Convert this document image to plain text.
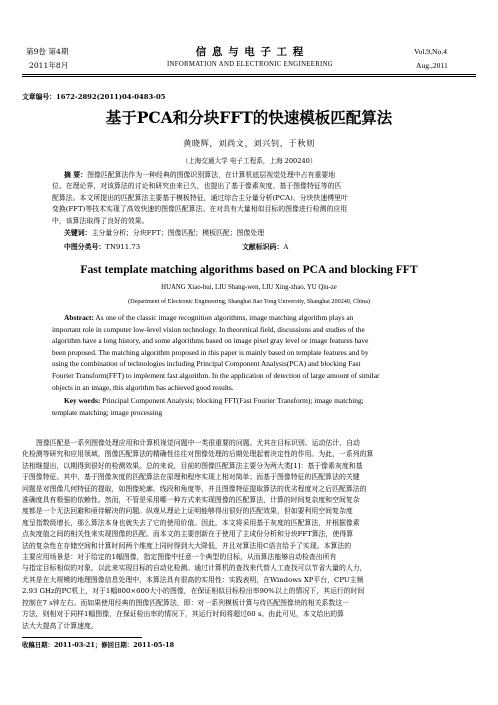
第9卷 第4期
2011年8月
信 息 与 电 子 工 程
INFORMATION AND ELECTRONIC ENGINEERING
Vol.9,No.4
Aug.,2011
文章编号：1672-2892(2011)04-0483-05
基于PCA和分块FFT的快速模板匹配算法
黄晓辉，刘尚文，刘兴钊，于秋则
（上海交通大学 电子工程系，上海 200240）
摘 要：图像匹配算法作为一种经典的图像识别算法，在计算机底层视觉处理中占有重要地
位。在理论界，对该算法的讨论和研究由来已久，也提出了基于像素灰度、基于图像特征等的匹
配算法。本文所提出的匹配算法主要基于模板特征，通过综合主分量分析(PCA)、分块快速傅里叶
变换(FFT)等技术实现了高效快速的图像匹配算法。在对具有大量相似目标的图像进行检测的应用
中，该算法取得了良好的效果。
关键词：主分量分析；分块FFT；图像匹配；模板匹配；图像处理
中图分类号：TN911.73	文献标识码：A
Fast template matching algorithms based on PCA and blocking FFT
HUANG Xiao-hui, LIU Shang-wen, LIU Xing-zhao, YU Qiu-ze
(Department of Electronic Engineering, Shanghai Jiao Tong University, Shanghai 200240, China)
Abstract: As one of the classic image recognition algorithms, image matching algorithm plays an
important role in computer low-level vision technology. In theoretical field, discussions and studies of the
algorithm have a long history, and some algorithms based on image pixel gray level or image features have
been proposed. The matching algorithm proposed in this paper is mainly based on template features and by
using the combination of technologies including Principal Component Analysis(PCA) and blocking Fast
Fourier Transform(FFT) to implement fast algorithm. In the application of detection of large amount of similar
objects in an image, this algorithm has achieved good results.
Key words: Principal Component Analysis; blocking FFT(Fast Fourier Transform); image matching;
template matching; image processing
图像匹配是一系列图像处理应用和计算机视觉问题中一类很重要的问题。尤其在目标识别、运动估计、自动
化检测等研究和应用领域，图像匹配算法的精确性往往对图像处理的后期处理起着决定性的作用。为此，一系列的算
法相继提出，以期得到很好的检测效果。总的来说，目前的图像匹配算法主要分为两大类[1]：基于像素灰度和基
于图像特征。其中，基于图像灰度的匹配算法在原理和程序实现上相对简单；而基于图像特征的匹配算法的关键
问题是对图像几何特征的提取，如图像轮廓、线段和角度等，并且图像特征提取算法的优劣程度对之后匹配算法的
准确度具有极强的依赖性。然而，不管是采用哪一种方式来实现图像的匹配算法，计算的时间复杂度和空间复杂
度都是一个无法回避和亟待解决的问题。纵观从理论上证明能够得出很好的匹配效果，但如要利用空间复杂度
度呈指数级增长，那么算法本身也就失去了它的使用价值。因此，本文将采用基于灰度的匹配算法，并根据像素
点灰度值之间的相关性来实现图像的匹配。而本文的主要创新在于使用了主成份分析和分块FFT算法，使得算
法的复杂性在存储空间和计算时间两个维度上同时得到大大降低，并且对算法用C语言给予了实现。本算法的
主要应用场景是：对于给定的1幅图像，指定图像中任意一个典型的目标，从而算法能够自动检查出所有
与指定目标相似的对象，以此来实现目标的自动化检测。通过计算机的查找来代替人工查找可以节省大量的人力，
尤其是在大规模的地理图像信息处理中，本算法具有很高的实用性：实践表明，在Windows XP平台，CPU主频
2.93 GHz的PC机上，对于1幅800×600大小的图像，在保证相似目标检出率90%以上的情况下，其运行的时间
控制在7 s钟左右。而如果使用经典的图像匹配算法，即：对一系列模板计算与待匹配图像块的相关系数这一
方法，则相对于同样1幅图像，在保证检出率的情况下，其运行时间将超过60 s。由此可见，本文给出的算
法大大提高了计算速度。
收稿日期：2011-03-21；修回日期：2011-05-18
